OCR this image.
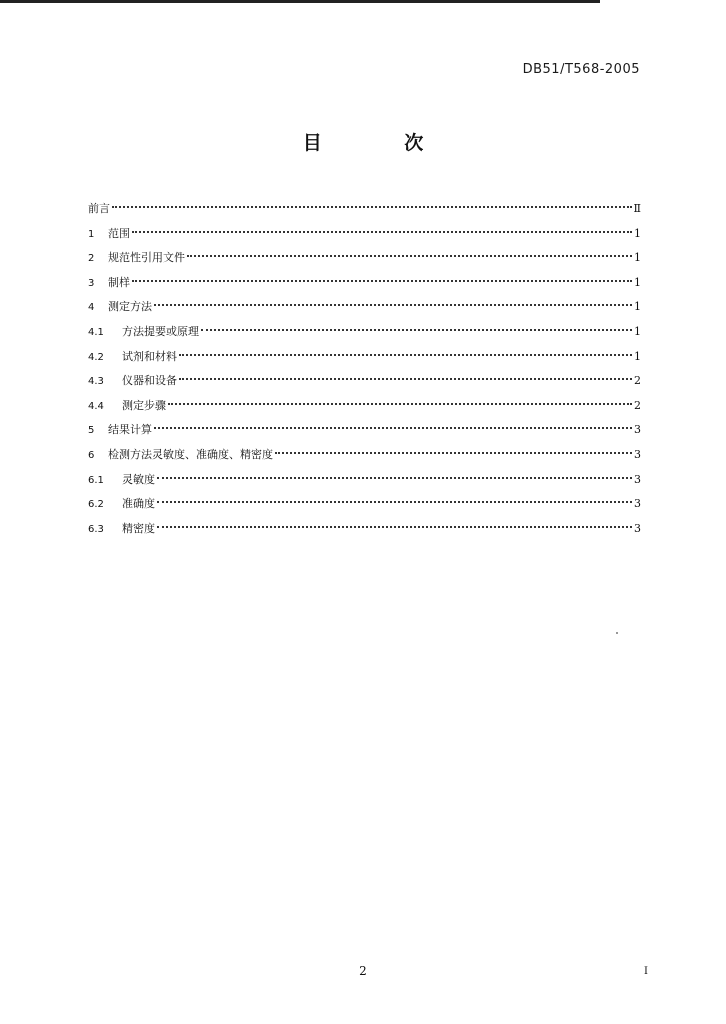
DB51/T568-2005
目 次
前言	Ⅱ
1	范围	1
2	规范性引用文件	1
3	制样	1
4	测定方法	1
4.1	方法提要或原理	1
4.2	试剂和材料	1
4.3	仪器和设备	2
4.4	测定步骤	2
5	结果计算	3
6	检测方法灵敏度、准确度、精密度	3
6.1	灵敏度	3
6.2	准确度	3
6.3	精密度	3
2	I
